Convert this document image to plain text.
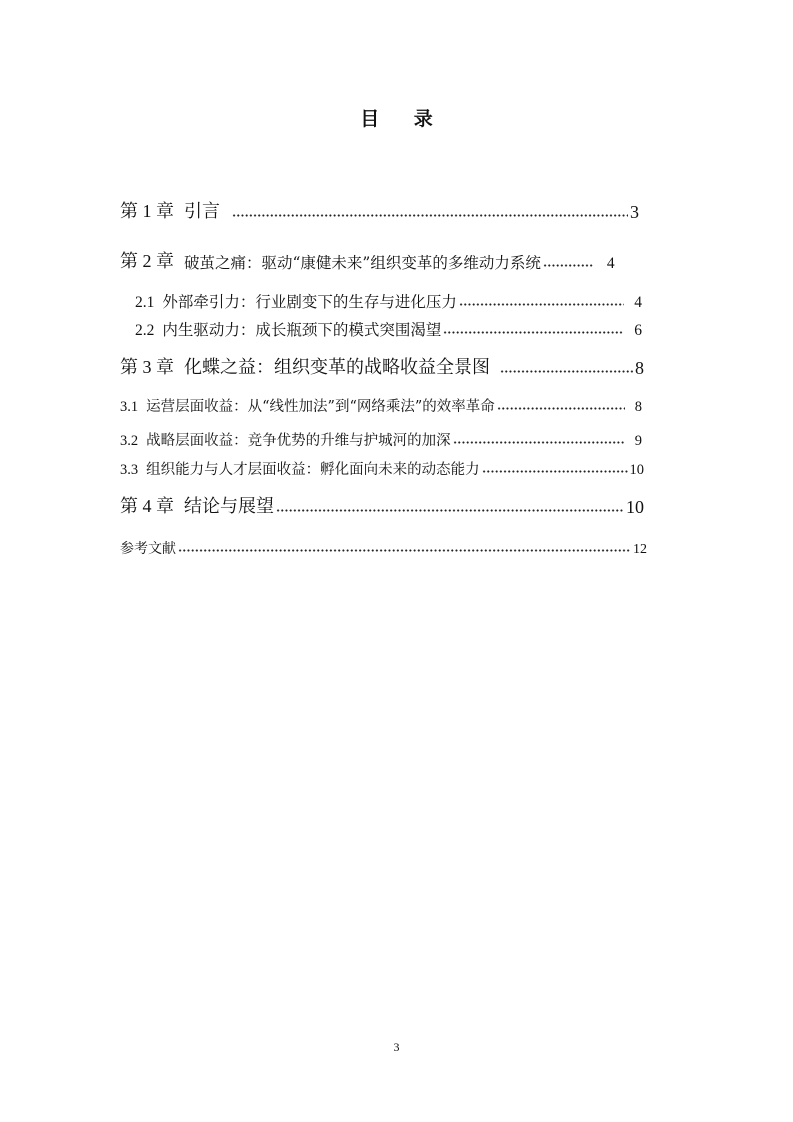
目 录
第 1 章 引言	3
第 2 章 破茧之痛：驱动“康健未来”组织变革的多维动力系统	4
2.1 外部牵引力：行业剧变下的生存与进化压力	4
2.2 内生驱动力：成长瓶颈下的模式突围渴望	6
第 3 章 化蝶之益：组织变革的战略收益全景图	8
3.1 运营层面收益：从“线性加法”到“网络乘法”的效率革命	8
3.2 战略层面收益：竞争优势的升维与护城河的加深	9
3.3 组织能力与人才层面收益：孵化面向未来的动态能力	10
第 4 章 结论与展望	10
参考文献	12
3
